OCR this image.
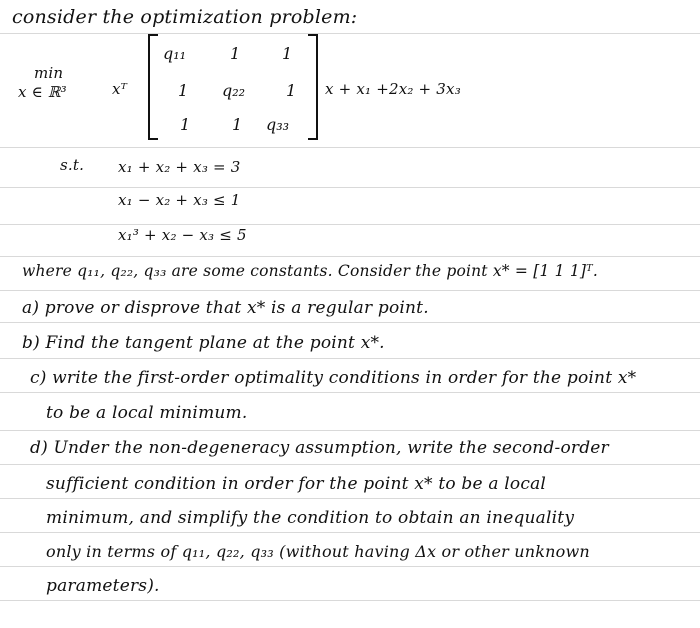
consider the optimization problem:
min
x ∈ ℝ³	xᵀ
q₁₁	1	1
1 q₂₂	1
1	1 q₃₃
x + x₁ +2x₂ + 3x₃
s.t. x₁ + x₂ + x₃ = 3
x₁ − x₂ + x₃ ≤ 1
x₁³ + x₂ − x₃ ≤ 5
where q₁₁, q₂₂, q₃₃ are some constants. Consider the point x* = [1 1 1]ᵀ.
a) prove or disprove that x* is a regular point.
b) Find the tangent plane at the point x*.
c) write the first-order optimality conditions in order for the point x*
to be a local minimum.
d) Under the non-degeneracy assumption, write the second-order
sufficient condition in order for the point x* to be a local
minimum, and simplify the condition to obtain an inequality
only in terms of q₁₁, q₂₂, q₃₃ (without having Δx or other unknown
parameters).
